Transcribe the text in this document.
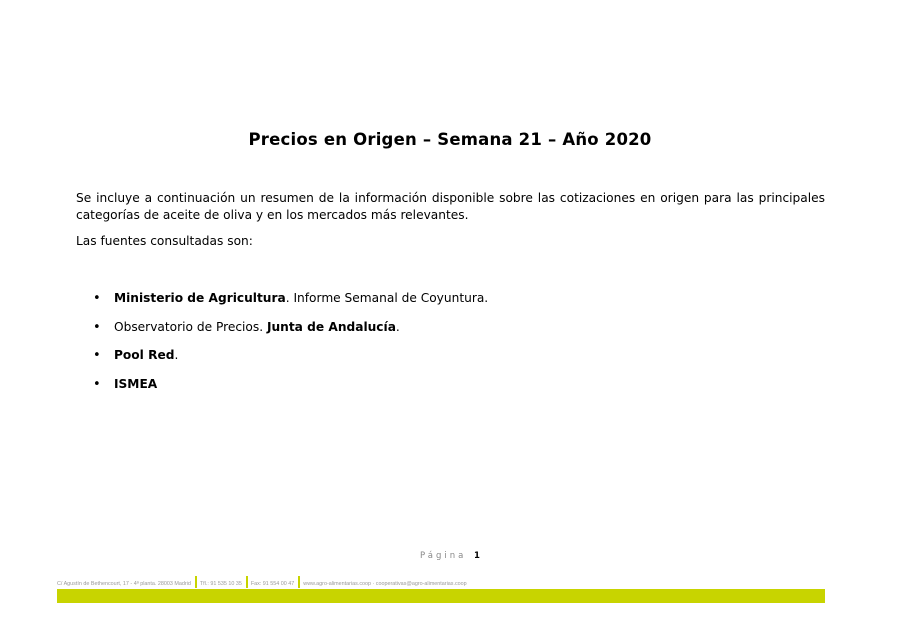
Precios en Origen – Semana 21 – Año 2020
Se incluye a continuación un resumen de la información disponible sobre las cotizaciones en origen para las principales
categorías de aceite de oliva y en los mercados más relevantes.
Las fuentes consultadas son:
• Ministerio de Agricultura. Informe Semanal de Coyuntura.
• Observatorio de Precios. Junta de Andalucía.
• Pool Red.
• ISMEA
Página 1
C/ Agustín de Bethencourt, 17 - 4ª planta. 28003 Madrid	Tfl.: 91 535 10 35	Fax: 91 554 00 47	www.agro-alimentarias.coop · cooperativas@agro-alimentarias.coop
